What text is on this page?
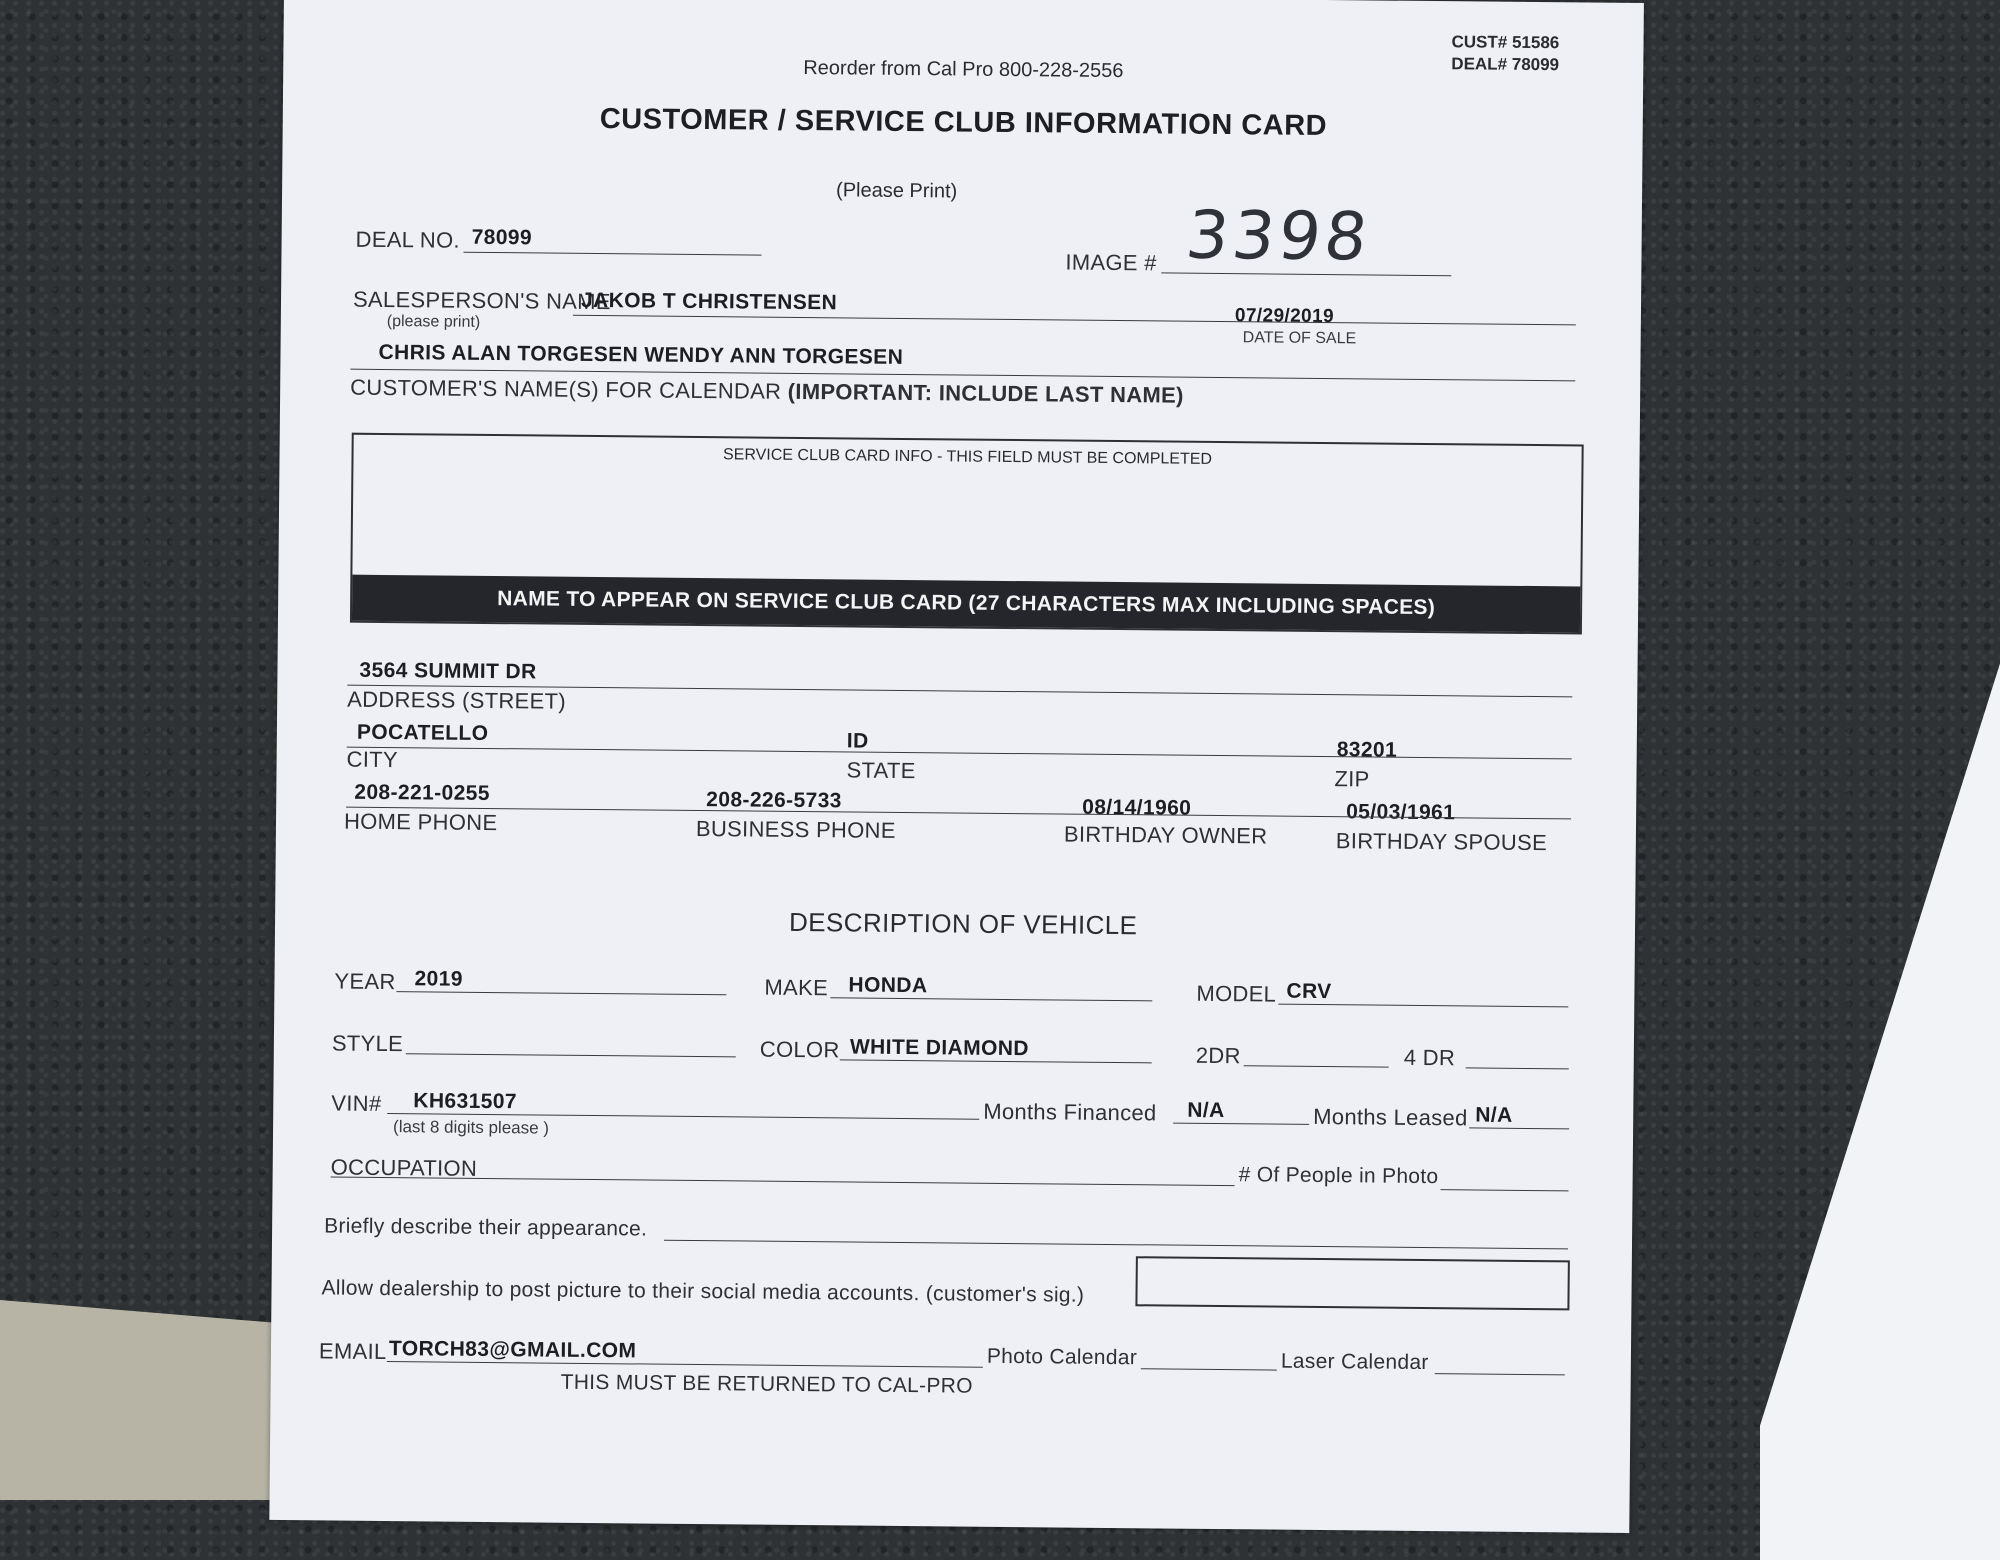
CUST# 51586
DEAL# 78099
Reorder from Cal Pro 800-228-2556
CUSTOMER / SERVICE CLUB INFORMATION CARD
(Please Print)
DEAL NO. 78099
IMAGE # 3398
SALESPERSON'S NAME
(please print)
JAKOB T CHRISTENSEN
07/29/2019
DATE OF SALE
CHRIS ALAN TORGESEN WENDY ANN TORGESEN
CUSTOMER'S NAME(S) FOR CALENDAR (IMPORTANT: INCLUDE LAST NAME)
SERVICE CLUB CARD INFO - THIS FIELD MUST BE COMPLETED
NAME TO APPEAR ON SERVICE CLUB CARD (27 CHARACTERS MAX INCLUDING SPACES)
3564 SUMMIT DR
ADDRESS (STREET)
POCATELLO	ID	83201
CITY	STATE	ZIP
208-221-0255	208-226-5733	08/14/1960	05/03/1961
HOME PHONE	BUSINESS PHONE	BIRTHDAY OWNER	BIRTHDAY SPOUSE
DESCRIPTION OF VEHICLE
YEAR 2019	MAKE HONDA	MODEL CRV
STYLE	COLOR WHITE DIAMOND	2DR	4 DR
VIN# KH631507
(last 8 digits please )
Months Financed N/A	Months Leased N/A
OCCUPATION	# Of People in Photo
Briefly describe their appearance.
Allow dealership to post picture to their social media accounts. (customer's sig.)
EMAIL TORCH83@GMAIL.COM	Photo Calendar	Laser Calendar
THIS MUST BE RETURNED TO CAL-PRO
